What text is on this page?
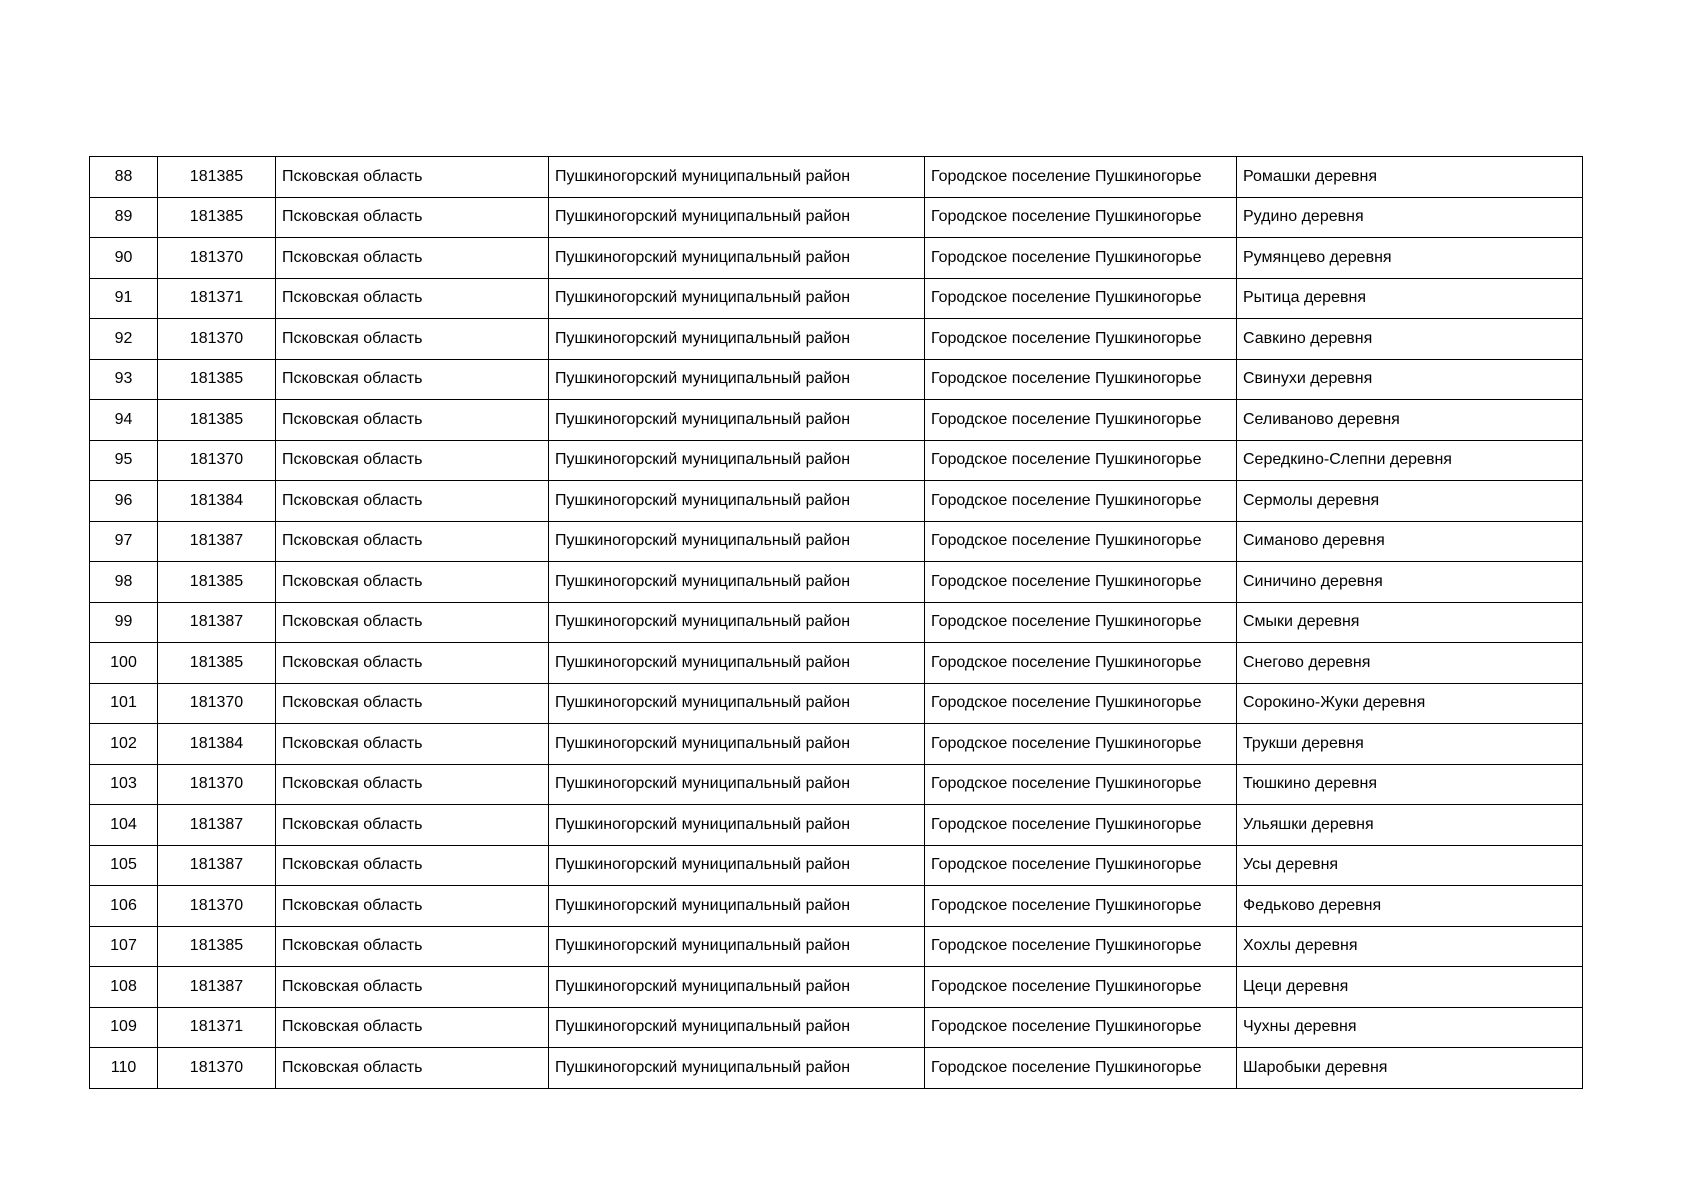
88	181385	Псковская область	Пушкиногорский муниципальный район	Городское поселение Пушкиногорье	Ромашки деревня
89	181385	Псковская область	Пушкиногорский муниципальный район	Городское поселение Пушкиногорье	Рудино деревня
90	181370	Псковская область	Пушкиногорский муниципальный район	Городское поселение Пушкиногорье	Румянцево деревня
91	181371	Псковская область	Пушкиногорский муниципальный район	Городское поселение Пушкиногорье	Рытица деревня
92	181370	Псковская область	Пушкиногорский муниципальный район	Городское поселение Пушкиногорье	Савкино деревня
93	181385	Псковская область	Пушкиногорский муниципальный район	Городское поселение Пушкиногорье	Свинухи деревня
94	181385	Псковская область	Пушкиногорский муниципальный район	Городское поселение Пушкиногорье	Селиваново деревня
95	181370	Псковская область	Пушкиногорский муниципальный район	Городское поселение Пушкиногорье	Середкино-Слепни деревня
96	181384	Псковская область	Пушкиногорский муниципальный район	Городское поселение Пушкиногорье	Сермолы деревня
97	181387	Псковская область	Пушкиногорский муниципальный район	Городское поселение Пушкиногорье	Симаново деревня
98	181385	Псковская область	Пушкиногорский муниципальный район	Городское поселение Пушкиногорье	Синичино деревня
99	181387	Псковская область	Пушкиногорский муниципальный район	Городское поселение Пушкиногорье	Смыки деревня
100	181385	Псковская область	Пушкиногорский муниципальный район	Городское поселение Пушкиногорье	Снегово деревня
101	181370	Псковская область	Пушкиногорский муниципальный район	Городское поселение Пушкиногорье	Сорокино-Жуки деревня
102	181384	Псковская область	Пушкиногорский муниципальный район	Городское поселение Пушкиногорье	Трукши деревня
103	181370	Псковская область	Пушкиногорский муниципальный район	Городское поселение Пушкиногорье	Тюшкино деревня
104	181387	Псковская область	Пушкиногорский муниципальный район	Городское поселение Пушкиногорье	Ульяшки деревня
105	181387	Псковская область	Пушкиногорский муниципальный район	Городское поселение Пушкиногорье	Усы деревня
106	181370	Псковская область	Пушкиногорский муниципальный район	Городское поселение Пушкиногорье	Федьково деревня
107	181385	Псковская область	Пушкиногорский муниципальный район	Городское поселение Пушкиногорье	Хохлы деревня
108	181387	Псковская область	Пушкиногорский муниципальный район	Городское поселение Пушкиногорье	Цеци деревня
109	181371	Псковская область	Пушкиногорский муниципальный район	Городское поселение Пушкиногорье	Чухны деревня
110	181370	Псковская область	Пушкиногорский муниципальный район	Городское поселение Пушкиногорье	Шаробыки деревня
